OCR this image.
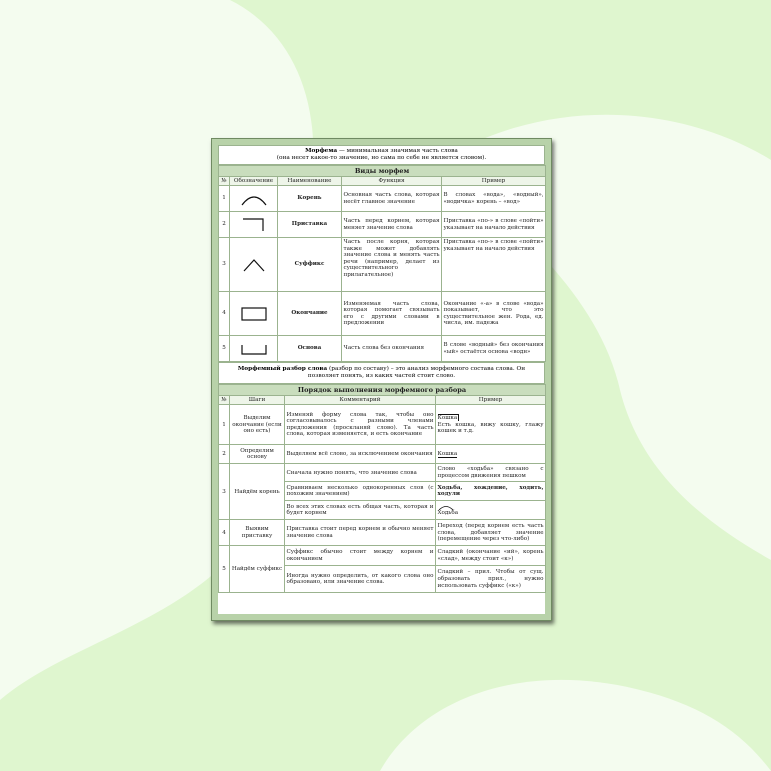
Морфема — минимальная значимая часть слова
(она несет какое-то значение, но сама по себе не является словом).
Виды морфем				
№	Обозначение	Наименование	Функция	Пример
1		Корень	Основная часть слова, которая несёт главное значение	В словах «вода», «водный», «водичка» корень – «вод»
2		Приставка	Часть перед корнем, которая меняет значение слова	Приставка «по-» в слове «пойти» указывает на начало действия
3		Суффикс	Часть после корня, которая также может добавлять значение слова и менять часть речи (например, делает из существительного прилагательное)	Приставка «по-» в слове «пойти» указывает на начало действия
4		Окончание	Изменяемая часть слова, которая помогает связывать его с другими словами в предложении	Окончание «-а» в слове «вода» показывает, что это существительное жен. Рода, ед. числа, им. падежа
5		Основа	Часть слова без окончания	В слове «водный» без окончания «ый» остаётся основа «водн»
Морфемный разбор слова (разбор по составу) – это анализ морфемного состава слова. Он позволяет понять, из каких частей стоит слово.
Порядок выполнения морфемного разбора			
№	Шаги	Комментарий	Пример
1	Выделим окончание (если оно есть)	Изменяй форму слова так, чтобы оно согласовывалось с разными членами предложения (проскланяй слово). Та часть слова, которая изменяется, и есть окончание	Кошка
Есть кошка, вижу кошку, глажу кошек и т.д.
2	Определим основу	Выделяем всё слово, за исключением окончания	Кошка
3	Найдём корень	Сначала нужно понять, что значение слова	Слово «ходьба» связано с процессом движения пешком
		Сравниваем несколько однокоренных слов (с похожим значением)	Ходьба, хождение, ходить, ходули
		Во всех этих словах есть общая часть, которая и будет корнем	Ходьба
4	Выявим приставку	Приставка стоит перед корнем и обычно меняет значение слова	Переход (перед корнем есть часть слова, добавляет значение (перемещение через что-либо)
5	Найдём суффикс	Суффикс обычно стоит между корнем и окончанием	Сладкий (окончание «ий», корень «слад», между стоит «к»)
		Иногда нужно определить, от какого слова оно образовано, или значение слова.	Сладкий – прил. Чтобы от сущ. образовать прил., нужно использовать суффикс («к»)
